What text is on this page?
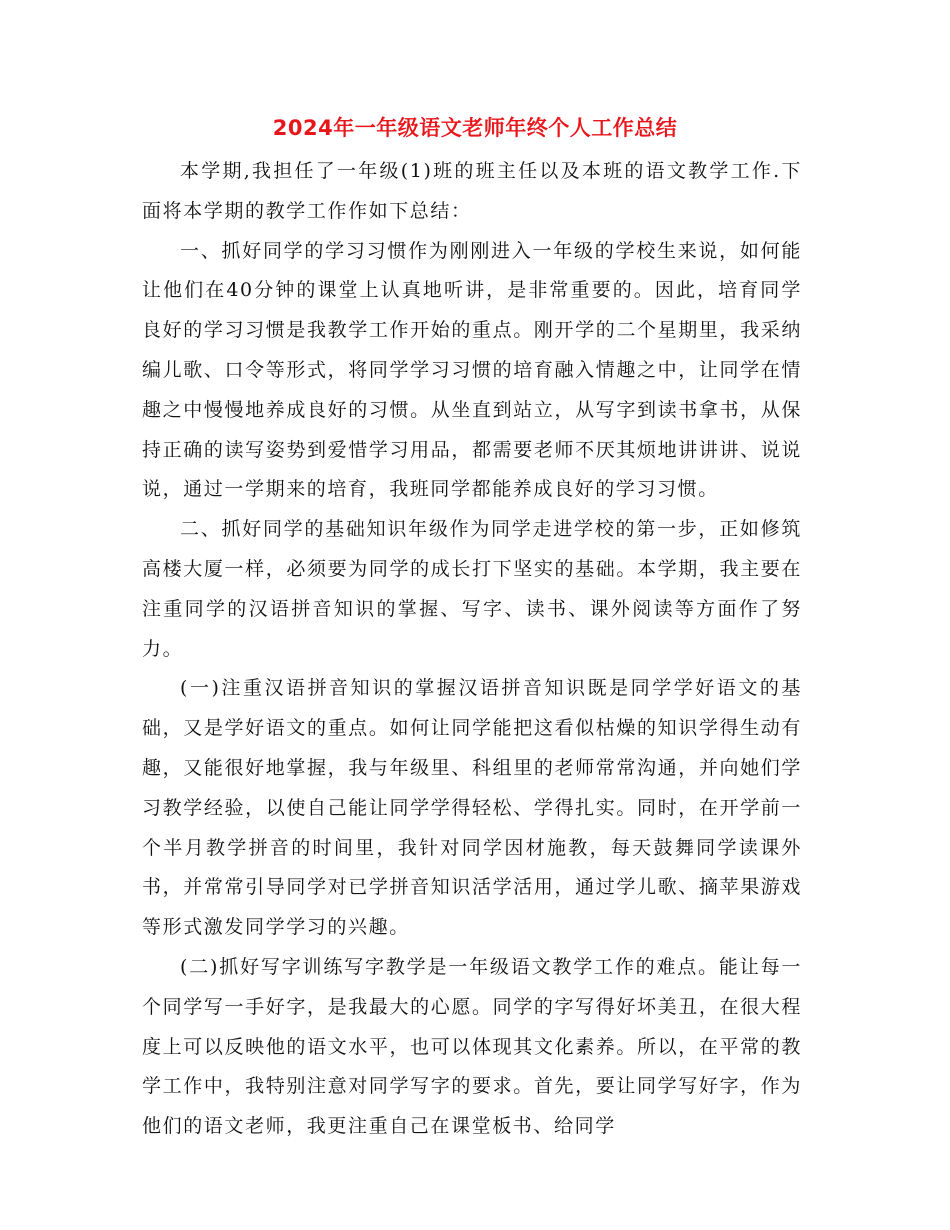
2024年一年级语文老师年终个人工作总结

本学期,我担任了一年级(1)班的班主任以及本班的语文教学工作.下面将本学期的教学工作作如下总结：

一、抓好同学的学习习惯作为刚刚进入一年级的学校生来说，如何能让他们在40分钟的课堂上认真地听讲，是非常重要的。因此，培育同学良好的学习习惯是我教学工作开始的重点。刚开学的二个星期里，我采纳编儿歌、口令等形式，将同学学习习惯的培育融入情趣之中，让同学在情趣之中慢慢地养成良好的习惯。从坐直到站立，从写字到读书拿书，从保持正确的读写姿势到爱惜学习用品，都需要老师不厌其烦地讲讲讲、说说说，通过一学期来的培育，我班同学都能养成良好的学习习惯。

二、抓好同学的基础知识年级作为同学走进学校的第一步，正如修筑高楼大厦一样，必须要为同学的成长打下坚实的基础。本学期，我主要在注重同学的汉语拼音知识的掌握、写字、读书、课外阅读等方面作了努力。

(一)注重汉语拼音知识的掌握汉语拼音知识既是同学学好语文的基础，又是学好语文的重点。如何让同学能把这看似枯燥的知识学得生动有趣，又能很好地掌握，我与年级里、科组里的老师常常沟通，并向她们学习教学经验，以使自己能让同学学得轻松、学得扎实。同时，在开学前一个半月教学拼音的时间里，我针对同学因材施教，每天鼓舞同学读课外书，并常常引导同学对已学拼音知识活学活用，通过学儿歌、摘苹果游戏等形式激发同学学习的兴趣。

(二)抓好写字训练写字教学是一年级语文教学工作的难点。能让每一个同学写一手好字，是我最大的心愿。同学的字写得好坏美丑，在很大程度上可以反映他的语文水平，也可以体现其文化素养。所以，在平常的教学工作中，我特别注意对同学写字的要求。首先，要让同学写好字，作为他们的语文老师，我更注重自己在课堂板书、给同学
